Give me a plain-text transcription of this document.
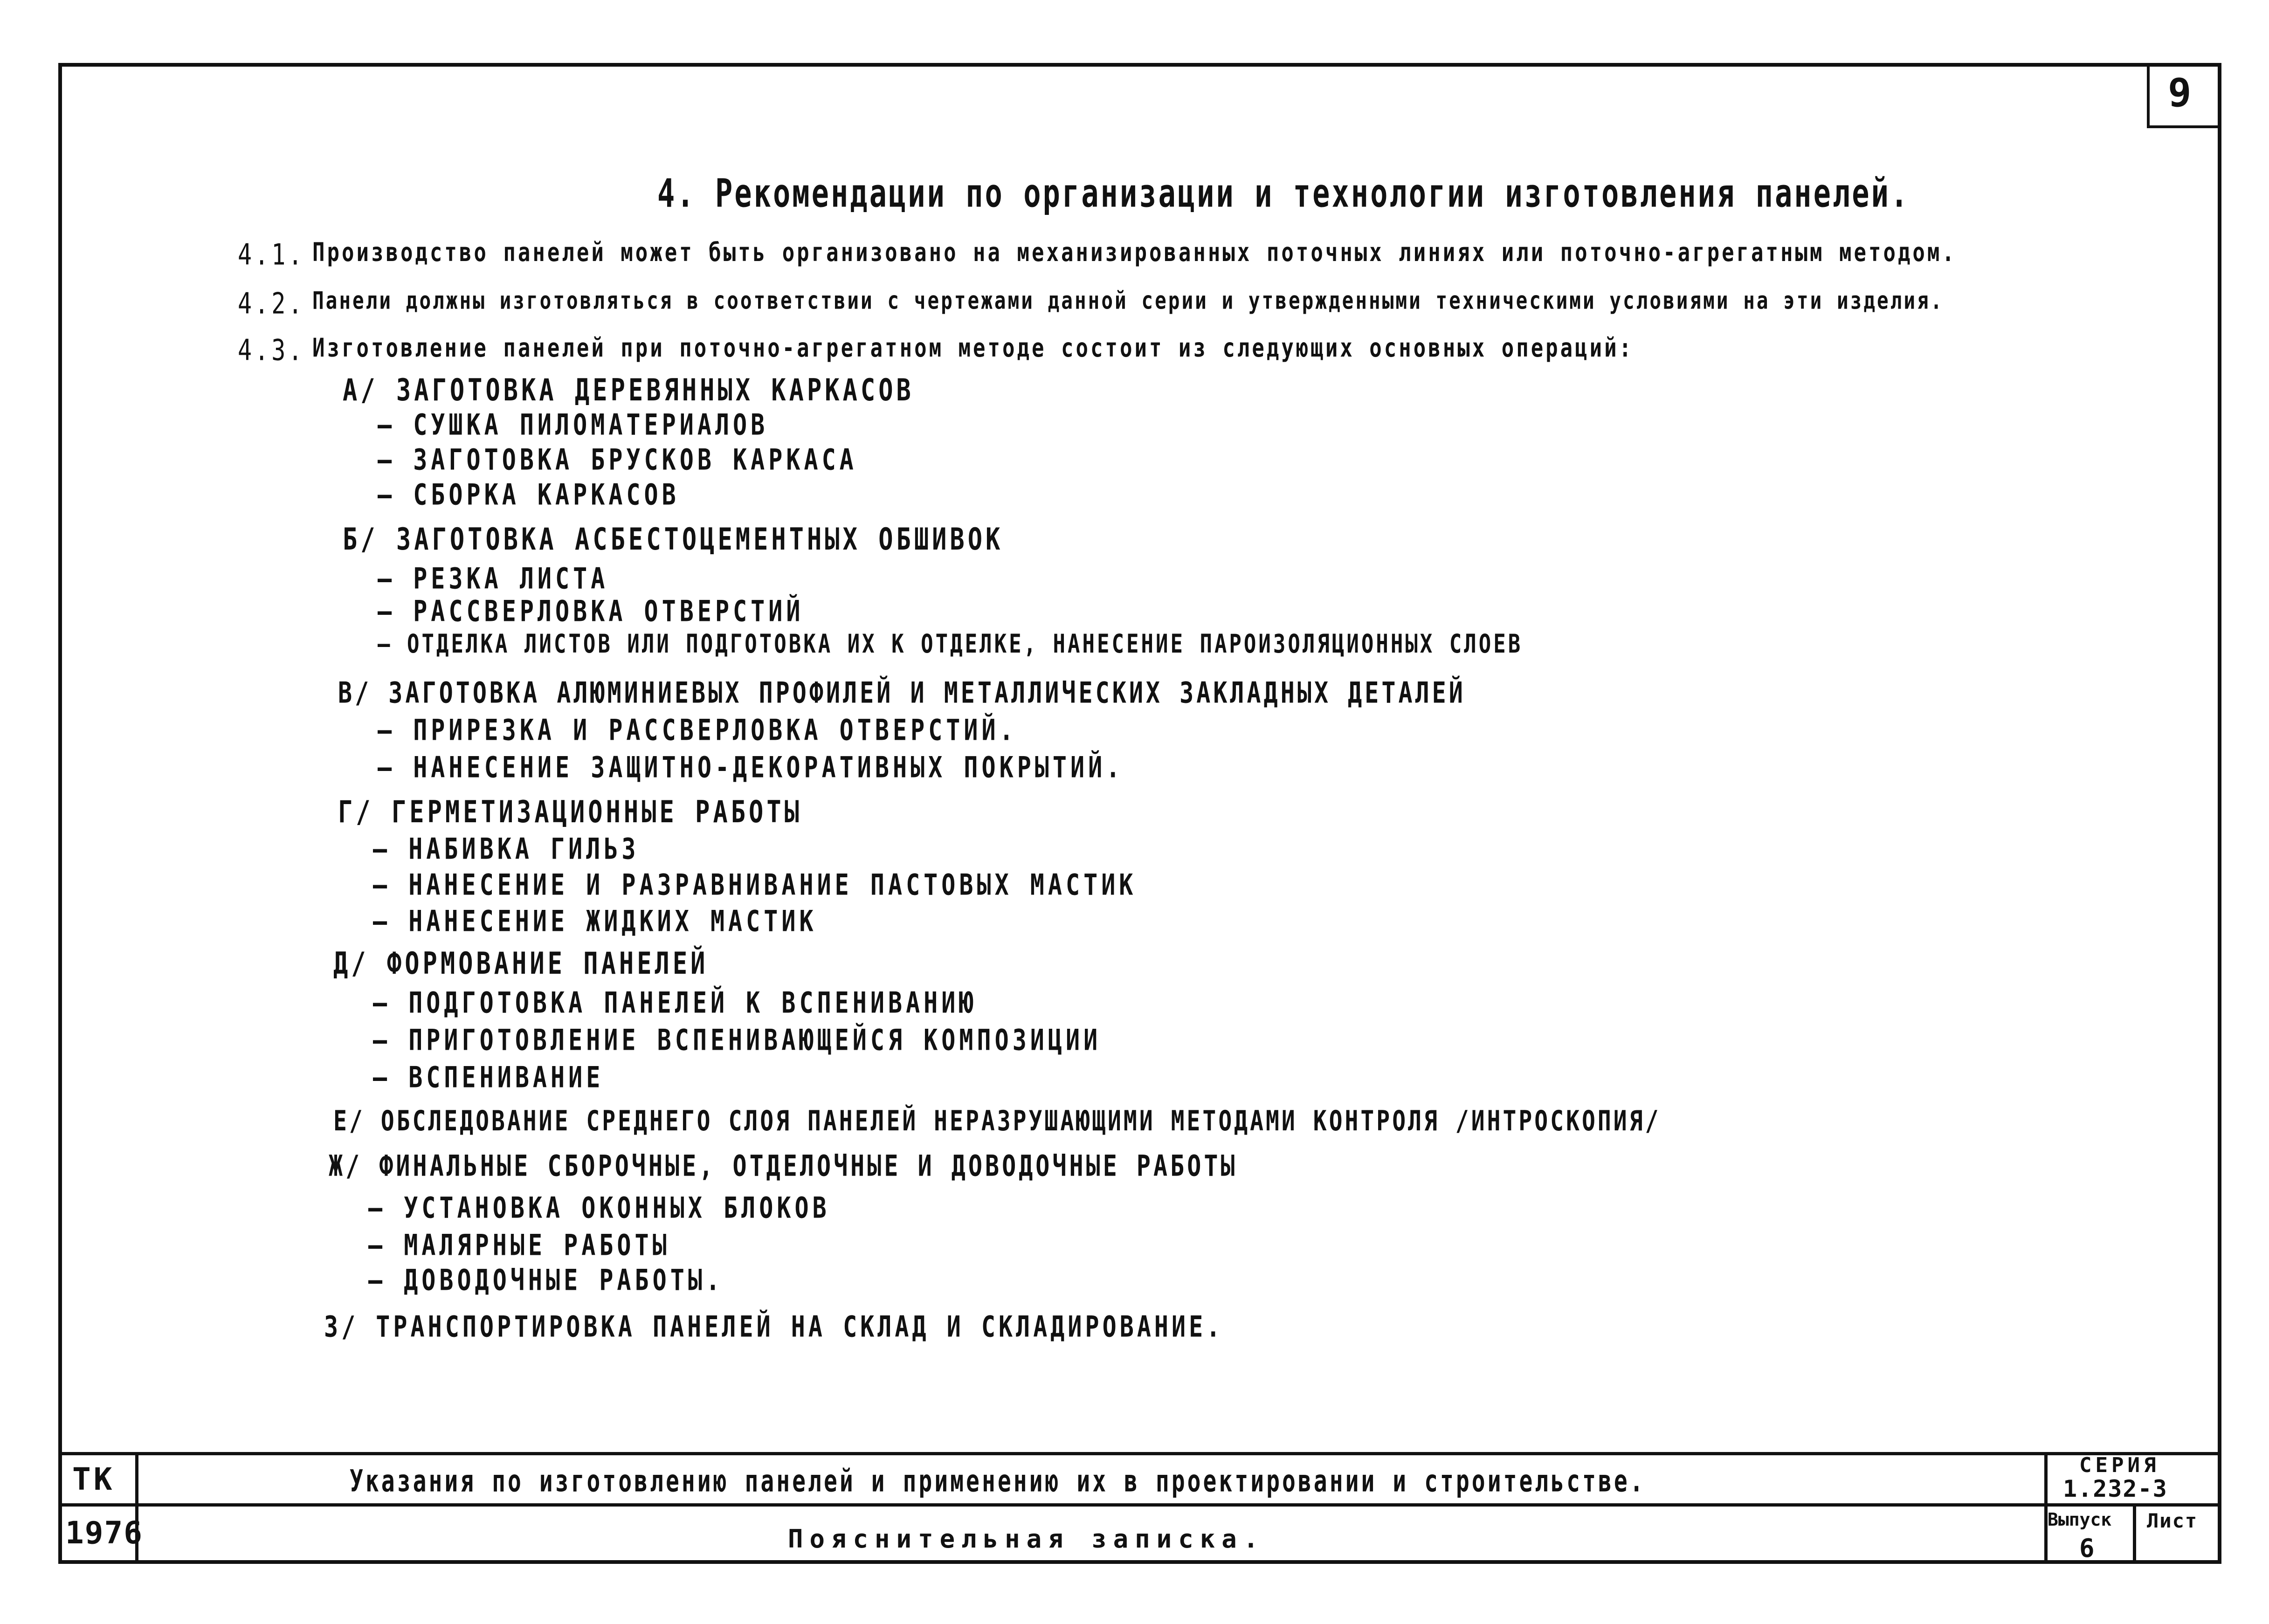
9
4. Рекомендации по организации и технологии изготовления панелей.
4.1. Производство панелей может быть организовано на механизированных поточных линиях или поточно-агрегатным методом.
4.2. Панели должны изготовляться в соответствии с чертежами данной серии и утвержденными техническими условиями на эти изделия.
4.3. Изготовление панелей при поточно-агрегатном методе состоит из следующих основных операций:
А/ ЗАГОТОВКА ДЕРЕВЯННЫХ КАРКАСОВ
— СУШКА ПИЛОМАТЕРИАЛОВ
— ЗАГОТОВКА БРУСКОВ КАРКАСА
— СБОРКА КАРКАСОВ
Б/ ЗАГОТОВКА АСБЕСТОЦЕМЕНТНЫХ ОБШИВОК
— РЕЗКА ЛИСТА
— РАССВЕРЛОВКА ОТВЕРСТИЙ
— ОТДЕЛКА ЛИСТОВ ИЛИ ПОДГОТОВКА ИХ К ОТДЕЛКЕ, НАНЕСЕНИЕ ПАРОИЗОЛЯЦИОННЫХ СЛОЕВ
В/ ЗАГОТОВКА АЛЮМИНИЕВЫХ ПРОФИЛЕЙ И МЕТАЛЛИЧЕСКИХ ЗАКЛАДНЫХ ДЕТАЛЕЙ
— ПРИРЕЗКА И РАССВЕРЛОВКА ОТВЕРСТИЙ.
— НАНЕСЕНИЕ ЗАЩИТНО-ДЕКОРАТИВНЫХ ПОКРЫТИЙ.
Г/ ГЕРМЕТИЗАЦИОННЫЕ РАБОТЫ
— НАБИВКА ГИЛЬЗ
— НАНЕСЕНИЕ И РАЗРАВНИВАНИЕ ПАСТОВЫХ МАСТИК
— НАНЕСЕНИЕ ЖИДКИХ МАСТИК
Д/ ФОРМОВАНИЕ ПАНЕЛЕЙ
— ПОДГОТОВКА ПАНЕЛЕЙ К ВСПЕНИВАНИЮ
— ПРИГОТОВЛЕНИЕ ВСПЕНИВАЮЩЕЙСЯ КОМПОЗИЦИИ
— ВСПЕНИВАНИЕ
Е/ ОБСЛЕДОВАНИЕ СРЕДНЕГО СЛОЯ ПАНЕЛЕЙ НЕРАЗРУШАЮЩИМИ МЕТОДАМИ КОНТРОЛЯ /ИНТРОСКОПИЯ/
Ж/ ФИНАЛЬНЫЕ СБОРОЧНЫЕ, ОТДЕЛОЧНЫЕ И ДОВОДОЧНЫЕ РАБОТЫ
— УСТАНОВКА ОКОННЫХ БЛОКОВ
— МАЛЯРНЫЕ РАБОТЫ
— ДОВОДОЧНЫЕ РАБОТЫ.
З/ ТРАНСПОРТИРОВКА ПАНЕЛЕЙ НА СКЛАД И СКЛАДИРОВАНИЕ.
ТК
1976
Указания по изготовлению панелей и применению их в проектировании и строительстве.
Пояснительная записка.
СЕРИЯ
1.232-3
Выпуск
6
Лист
